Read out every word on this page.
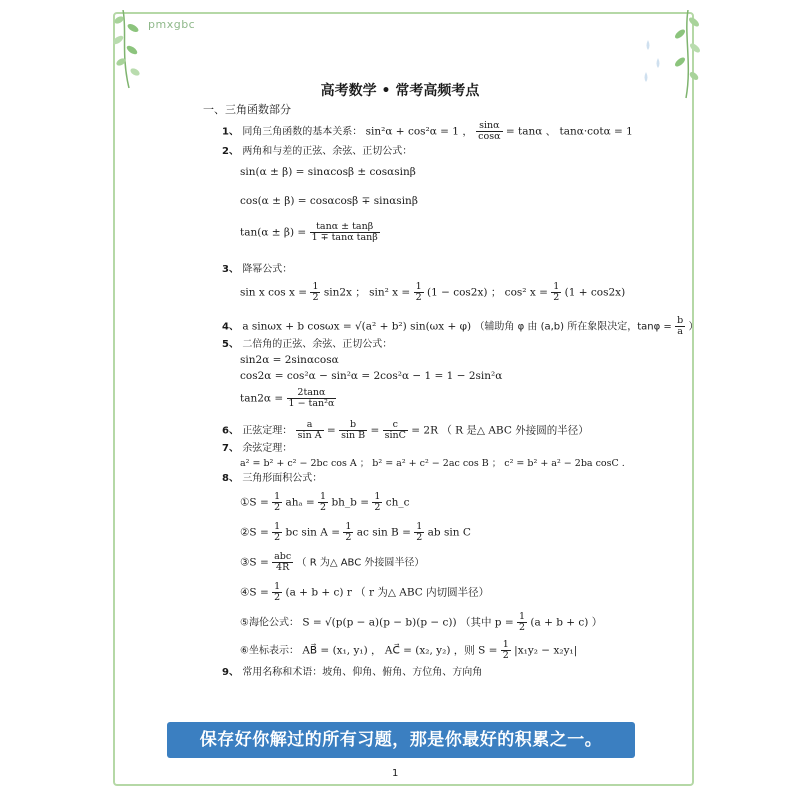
pmxgbc
高考数学 • 常考高频考点
一、三角函数部分
1、 同角三角函数的基本关系： sin²α + cos²α = 1 ， $\frac{\sin\alpha}{\cos\alpha} = \tan\alpha$ 、 tanα·cotα = 1
2、 两角和与差的正弦、余弦、正切公式：
sin(α ± β) = sinαcosβ ± cosαsinβ
cos(α ± β) = cosαcosβ ∓ sinαsinβ
$\tan(\alpha \pm \beta) = \frac{\tan\alpha \pm \tan\beta}{\text{1 ∓ tanα tanβ}}$
3、 降幂公式：
sin x $\cos x = \frac{1}{2} \sin 2x$ ； sin² $x = \frac{1}{2} (1 - \cos 2x)$ ； cos² $x = \frac{1}{2} (1 + \cos 2x)$
4、 a sinωx + b cosωx = √(a² + b²) sin(ωx + φ) （辅助角 φ 由 (a,b) 所在象限决定，$\tan\varphi = \frac{b}{a}$ ）
5、 二倍角的正弦、余弦、正切公式：
sin2α = 2sinαcosα
cos2α = cos²α − sin²α = 2cos²α − 1 = 1 − 2sin²α
$\tan 2\alpha = \frac{2\tan\alpha}{\text{1 − tan²α}}$
6、 正弦定理： $\frac{a}{\text{sin A}} = \frac{b}{\text{sin B}} = \frac{c}{\sin C} = 2R$ （ R 是△ ABC 外接圆的半径）
7、 余弦定理：
a² = b² + c² − 2bc cos A ； b² = a² + c² − 2ac cos B ； c² = b² + a² − 2ba cosC .
8、 三角形面积公式：
①S = $\frac{1}{2}$ $ah_a = \frac{1}{2}$ bh_b = $\frac{1}{2}$ ch_c
②S = $\frac{1}{2}$ bc $\sin A = \frac{1}{2}$ ac $\sin B = \frac{1}{2}$ ab sin C
③S = $\frac{\text{abc}}{4R}$ （ R 为△ ABC 外接圆半径）
④S = $\frac{1}{2} (a + b + c)$ r （ r 为△ ABC 内切圆半径）
⑤海伦公式： S = √(p(p − a)(p − b)(p − c)) （其中 $p = \frac{1}{2} (a + b + c)$ ）
⑥坐标表示： AB⃗ = (x₁, y₁) ， AC⃗ = (x₂, y₂) ，则 $S = \frac{1}{2} |x_1y_2 - x_2y_1|$
9、 常用名称和术语：坡角、仰角、俯角、方位角、方向角
保存好你解过的所有习题，那是你最好的积累之一。
1
